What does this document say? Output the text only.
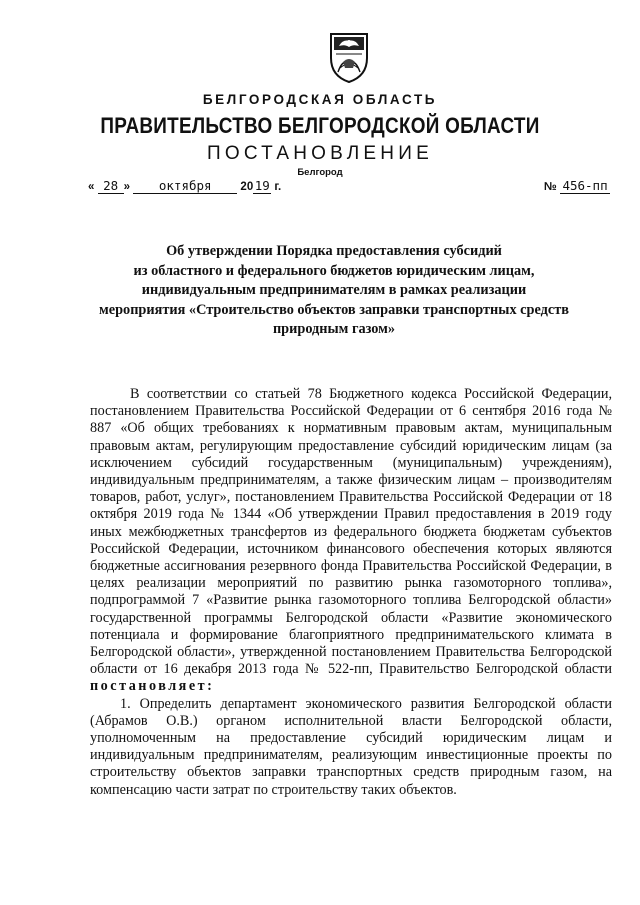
БЕЛГОРОДСКАЯ ОБЛАСТЬ
ПРАВИТЕЛЬСТВО БЕЛГОРОДСКОЙ ОБЛАСТИ
ПОСТАНОВЛЕНИЕ
Белгород
« 28 » октября	2019 г.	№ 456-пп
Об утверждении Порядка предоставления субсидий
из областного и федерального бюджетов юридическим лицам,
индивидуальным предпринимателям в рамках реализации
мероприятия «Строительство объектов заправки транспортных средств
природным газом»

В соответствии со статьей 78 Бюджетного кодекса Российской Федерации, постановлением Правительства Российской Федерации от 6 сентября 2016 года № 887 «Об общих требованиях к нормативным правовым актам, муниципальным правовым актам, регулирующим предоставление субсидий юридическим лицам (за исключением субсидий государственным (муниципальным) учреждениям), индивидуальным предпринимателям, а также физическим лицам – производителям товаров, работ, услуг», постановлением Правительства Российской Федерации от 18 октября 2019 года № 1344 «Об утверждении Правил предоставления в 2019 году иных межбюджетных трансфертов из федерального бюджета бюджетам субъектов Российской Федерации, источником финансового обеспечения которых являются бюджетные ассигнования резервного фонда Правительства Российской Федерации, в целях реализации мероприятий по развитию рынка газомоторного топлива», подпрограммой 7 «Развитие рынка газомоторного топлива Белгородской области» государственной программы Белгородской области «Развитие экономического потенциала и формирование благоприятного предпринимательского климата в Белгородской области», утвержденной постановлением Правительства Белгородской области от 16 декабря 2013 года № 522-пп, Правительство Белгородской области постановляет:

1. Определить департамент экономического развития Белгородской области (Абрамов О.В.) органом исполнительной власти Белгородской области, уполномоченным на предоставление субсидий юридическим лицам и индивидуальным предпринимателям, реализующим инвестиционные проекты по строительству объектов заправки транспортных средств природным газом, на компенсацию части затрат по строительству таких объектов.
